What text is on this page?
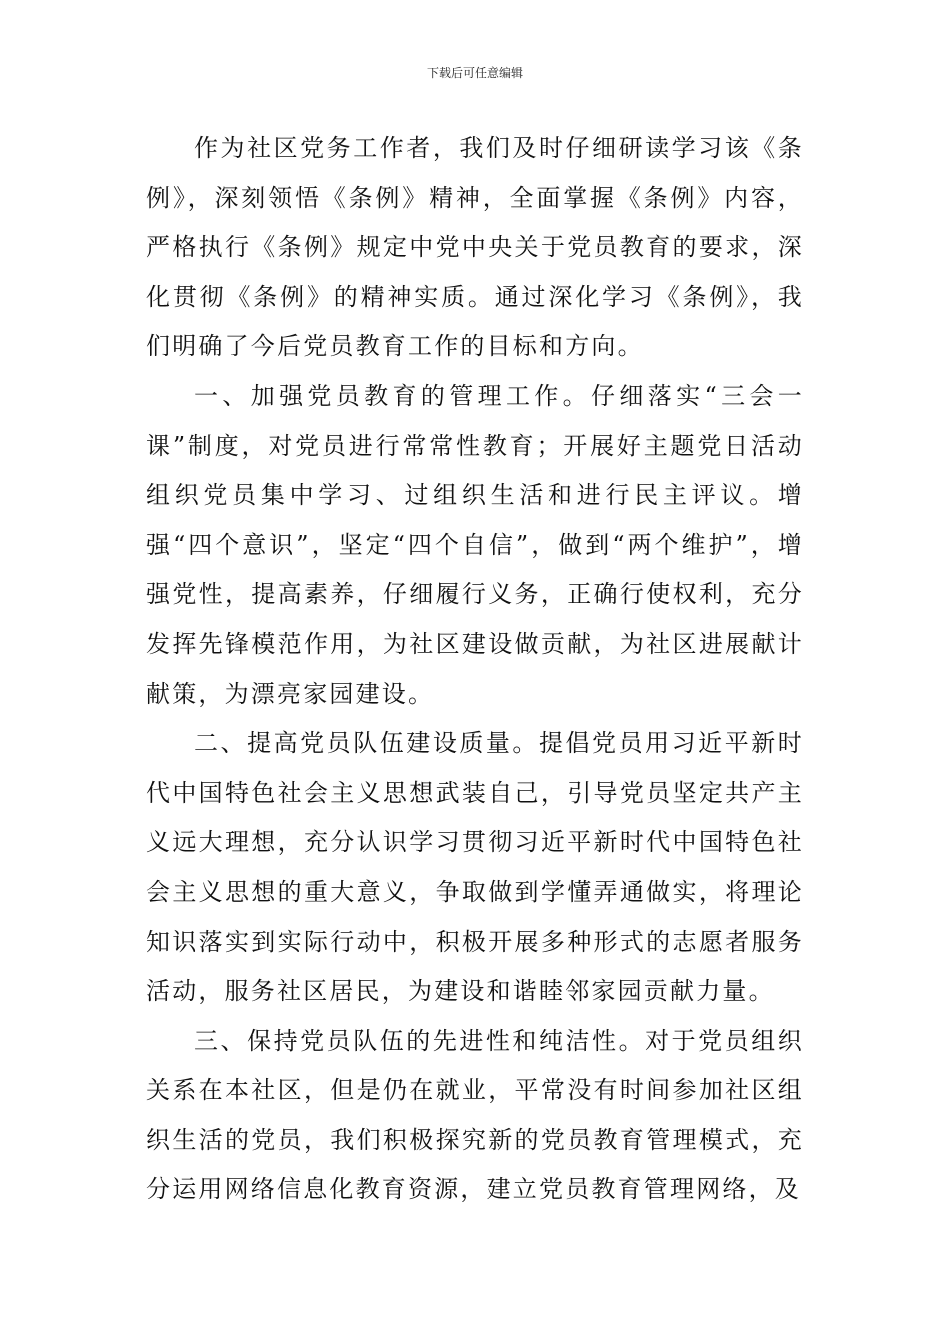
下载后可任意编辑

作为社区党务工作者，我们及时仔细研读学习该《条例》，深刻领悟《条例》精神，全面掌握《条例》内容，严格执行《条例》规定中党中央关于党员教育的要求，深化贯彻《条例》的精神实质。通过深化学习《条例》，我们明确了今后党员教育工作的目标和方向。

一、加强党员教育的管理工作。仔细落实“三会一课”制度，对党员进行常常性教育；开展好主题党日活动组织党员集中学习、过组织生活和进行民主评议。增强“四个意识”，坚定“四个自信”，做到“两个维护”，增强党性，提高素养，仔细履行义务，正确行使权利，充分发挥先锋模范作用，为社区建设做贡献，为社区进展献计献策，为漂亮家园建设。

二、提高党员队伍建设质量。提倡党员用习近平新时代中国特色社会主义思想武装自己，引导党员坚定共产主义远大理想，充分认识学习贯彻习近平新时代中国特色社会主义思想的重大意义，争取做到学懂弄通做实，将理论知识落实到实际行动中，积极开展多种形式的志愿者服务活动，服务社区居民，为建设和谐睦邻家园贡献力量。

三、保持党员队伍的先进性和纯洁性。对于党员组织关系在本社区，但是仍在就业，平常没有时间参加社区组织生活的党员，我们积极探究新的党员教育管理模式，充分运用网络信息化教育资源，建立党员教育管理网络，及
